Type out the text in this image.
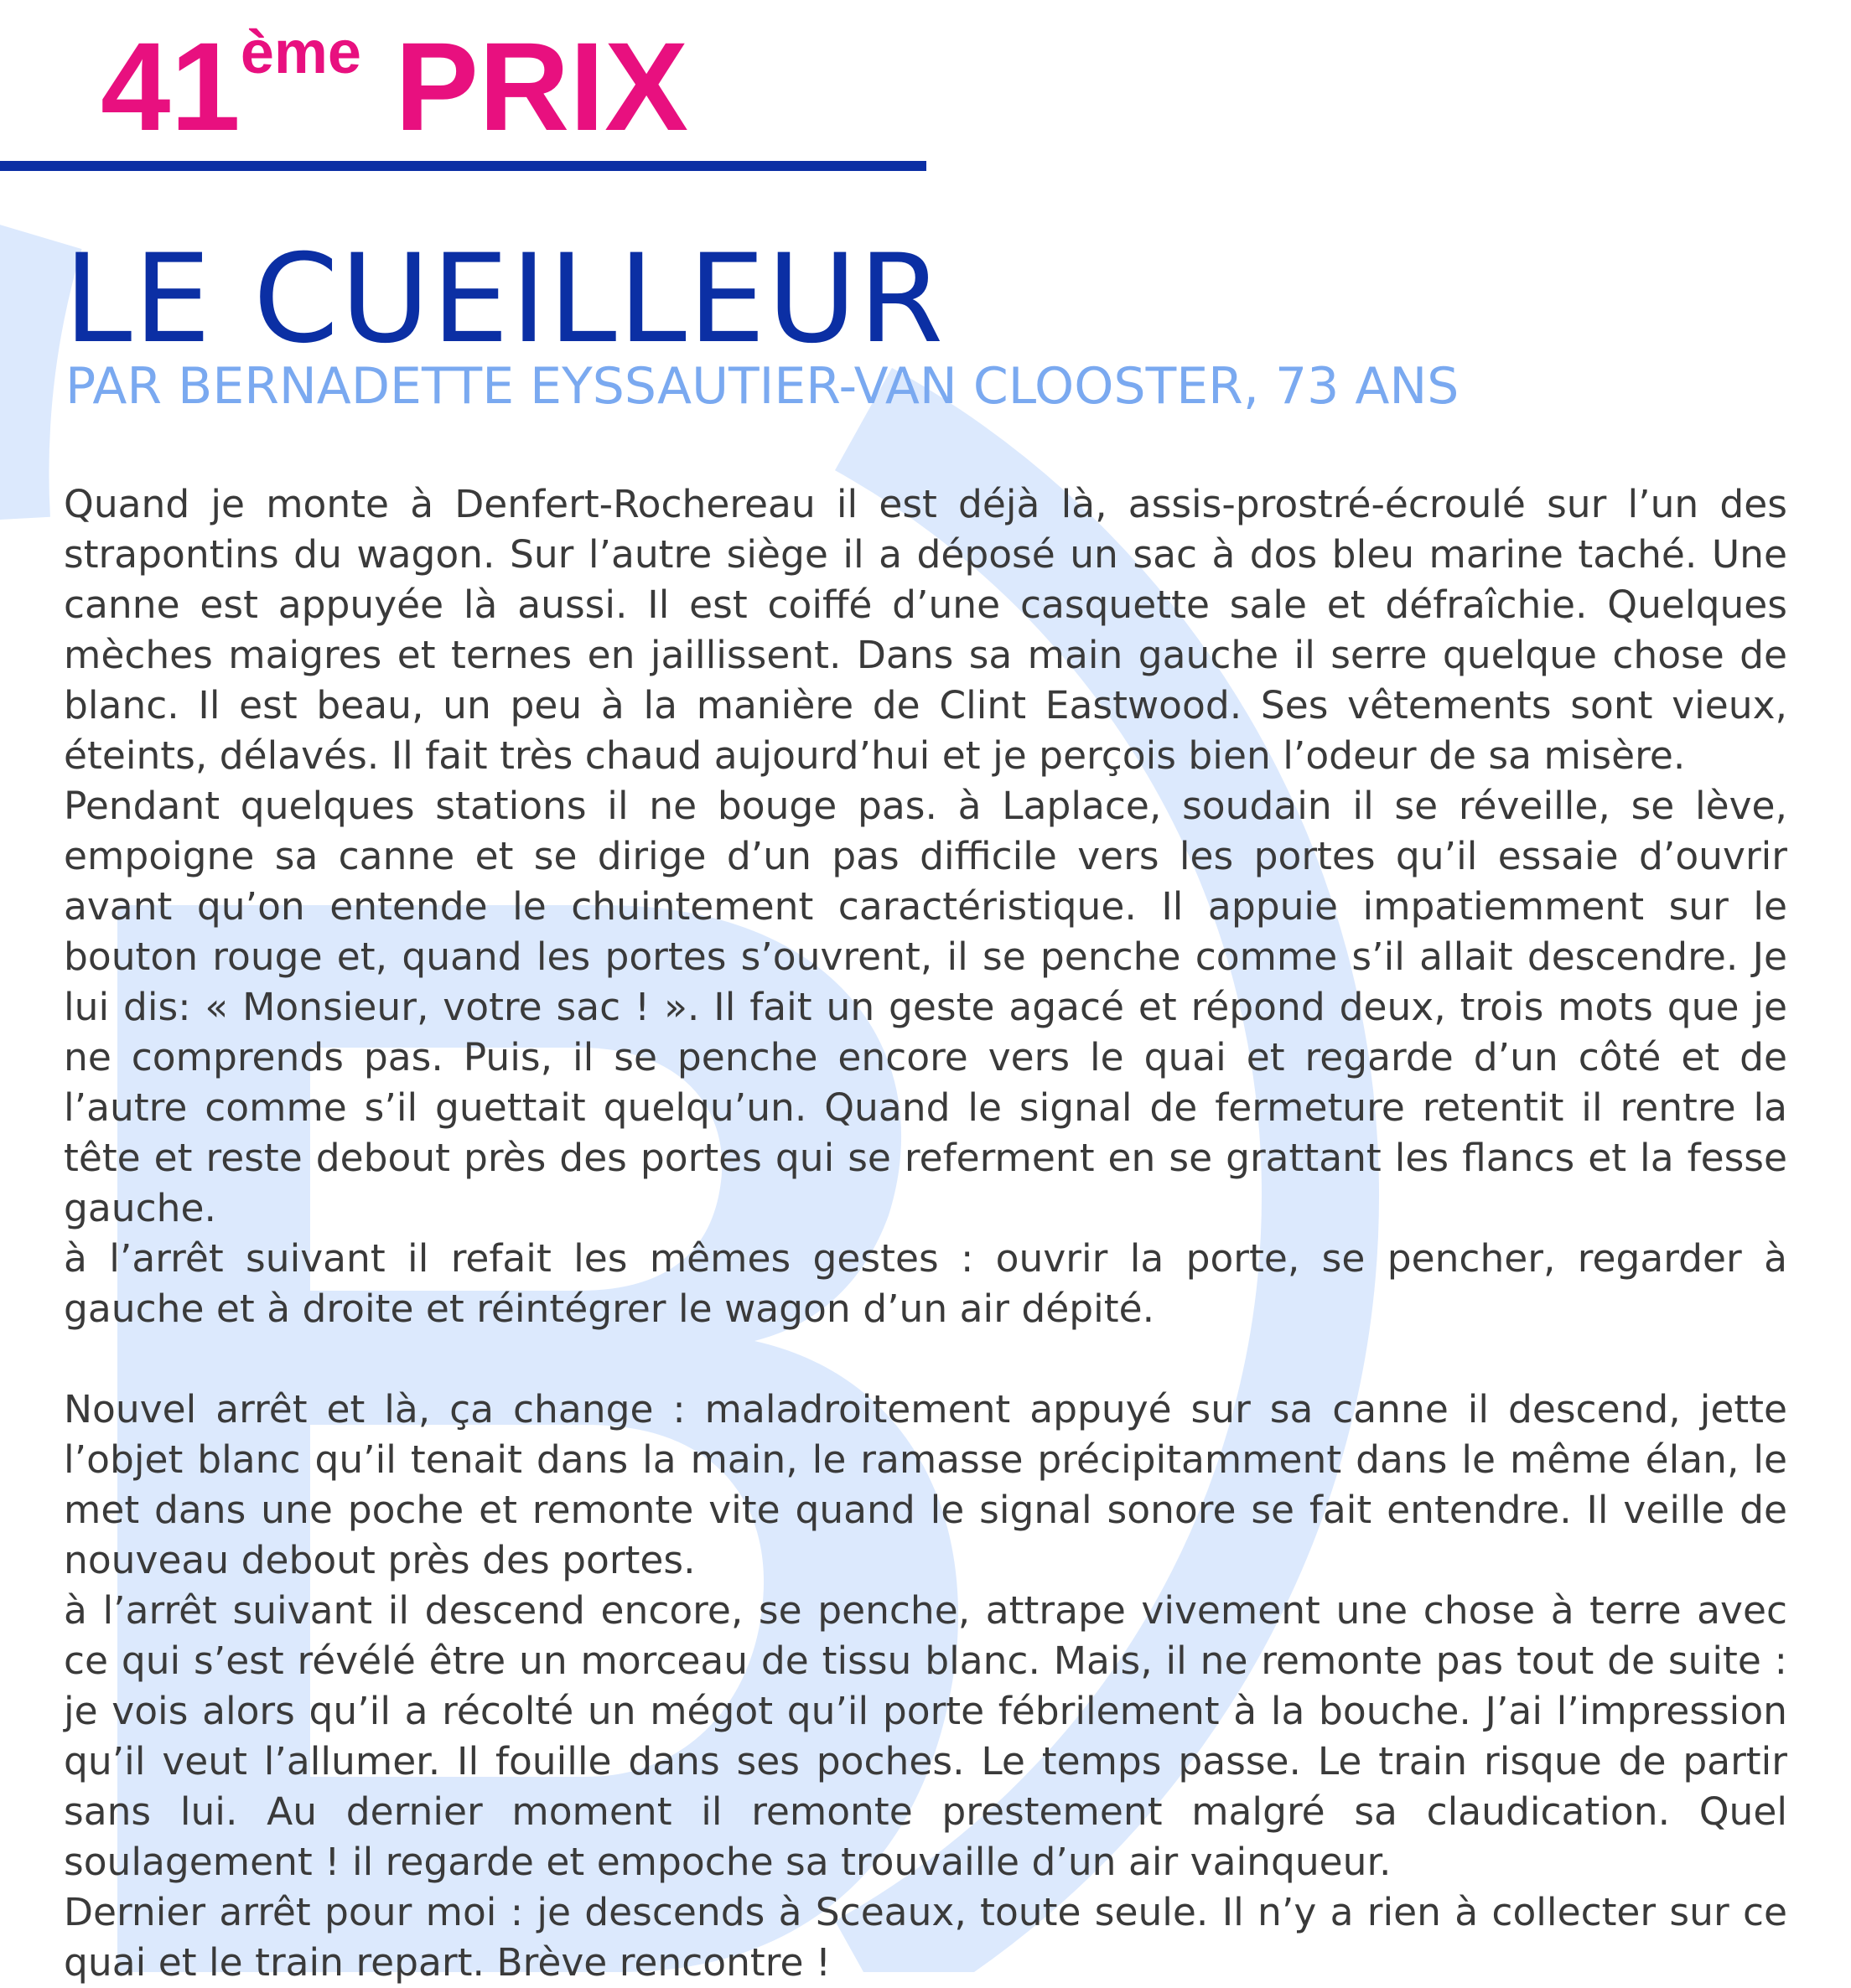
41ème PRIX
LE CUEILLEUR
PAR BERNADETTE EYSSAUTIER-VAN CLOOSTER, 73 ANS

Quand je monte à Denfert-Rochereau il est déjà là, assis-prostré-écroulé sur l’un des strapontins du wagon. Sur l’autre siège il a déposé un sac à dos bleu marine taché. Une canne est appuyée là aussi. Il est coiffé d’une casquette sale et défraîchie. Quelques mèches maigres et ternes en jaillissent. Dans sa main gauche il serre quelque chose de blanc. Il est beau, un peu à la manière de Clint Eastwood. Ses vêtements sont vieux, éteints, délavés. Il fait très chaud aujourd’hui et je perçois bien l’odeur de sa misère.

Pendant quelques stations il ne bouge pas. à Laplace, soudain il se réveille, se lève, empoigne sa canne et se dirige d’un pas difficile vers les portes qu’il essaie d’ouvrir avant qu’on entende le chuintement caractéristique. Il appuie impatiemment sur le bouton rouge et, quand les portes s’ouvrent, il se penche comme s’il allait descendre. Je lui dis: « Monsieur, votre sac ! ». Il fait un geste agacé et répond deux, trois mots que je ne comprends pas. Puis, il se penche encore vers le quai et regarde d’un côté et de l’autre comme s’il guettait quelqu’un. Quand le signal de fermeture retentit il rentre la tête et reste debout près des portes qui se referment en se grattant les flancs et la fesse gauche.

à l’arrêt suivant il refait les mêmes gestes : ouvrir la porte, se pencher, regarder à gauche et à droite et réintégrer le wagon d’un air dépité.

Nouvel arrêt et là, ça change : maladroitement appuyé sur sa canne il descend, jette l’objet blanc qu’il tenait dans la main, le ramasse précipitamment dans le même élan, le met dans une poche et remonte vite quand le signal sonore se fait entendre. Il veille de nouveau debout près des portes.

à l’arrêt suivant il descend encore, se penche, attrape vivement une chose à terre avec ce qui s’est révélé être un morceau de tissu blanc. Mais, il ne remonte pas tout de suite : je vois alors qu’il a récolté un mégot qu’il porte fébrilement à la bouche. J’ai l’impression qu’il veut l’allumer. Il fouille dans ses poches. Le temps passe. Le train risque de partir sans lui. Au dernier moment il remonte prestement malgré sa claudication. Quel soulagement ! il regarde et empoche sa trouvaille d’un air vainqueur.

Dernier arrêt pour moi : je descends à Sceaux, toute seule. Il n’y a rien à collecter sur ce quai et le train repart. Brève rencontre !
